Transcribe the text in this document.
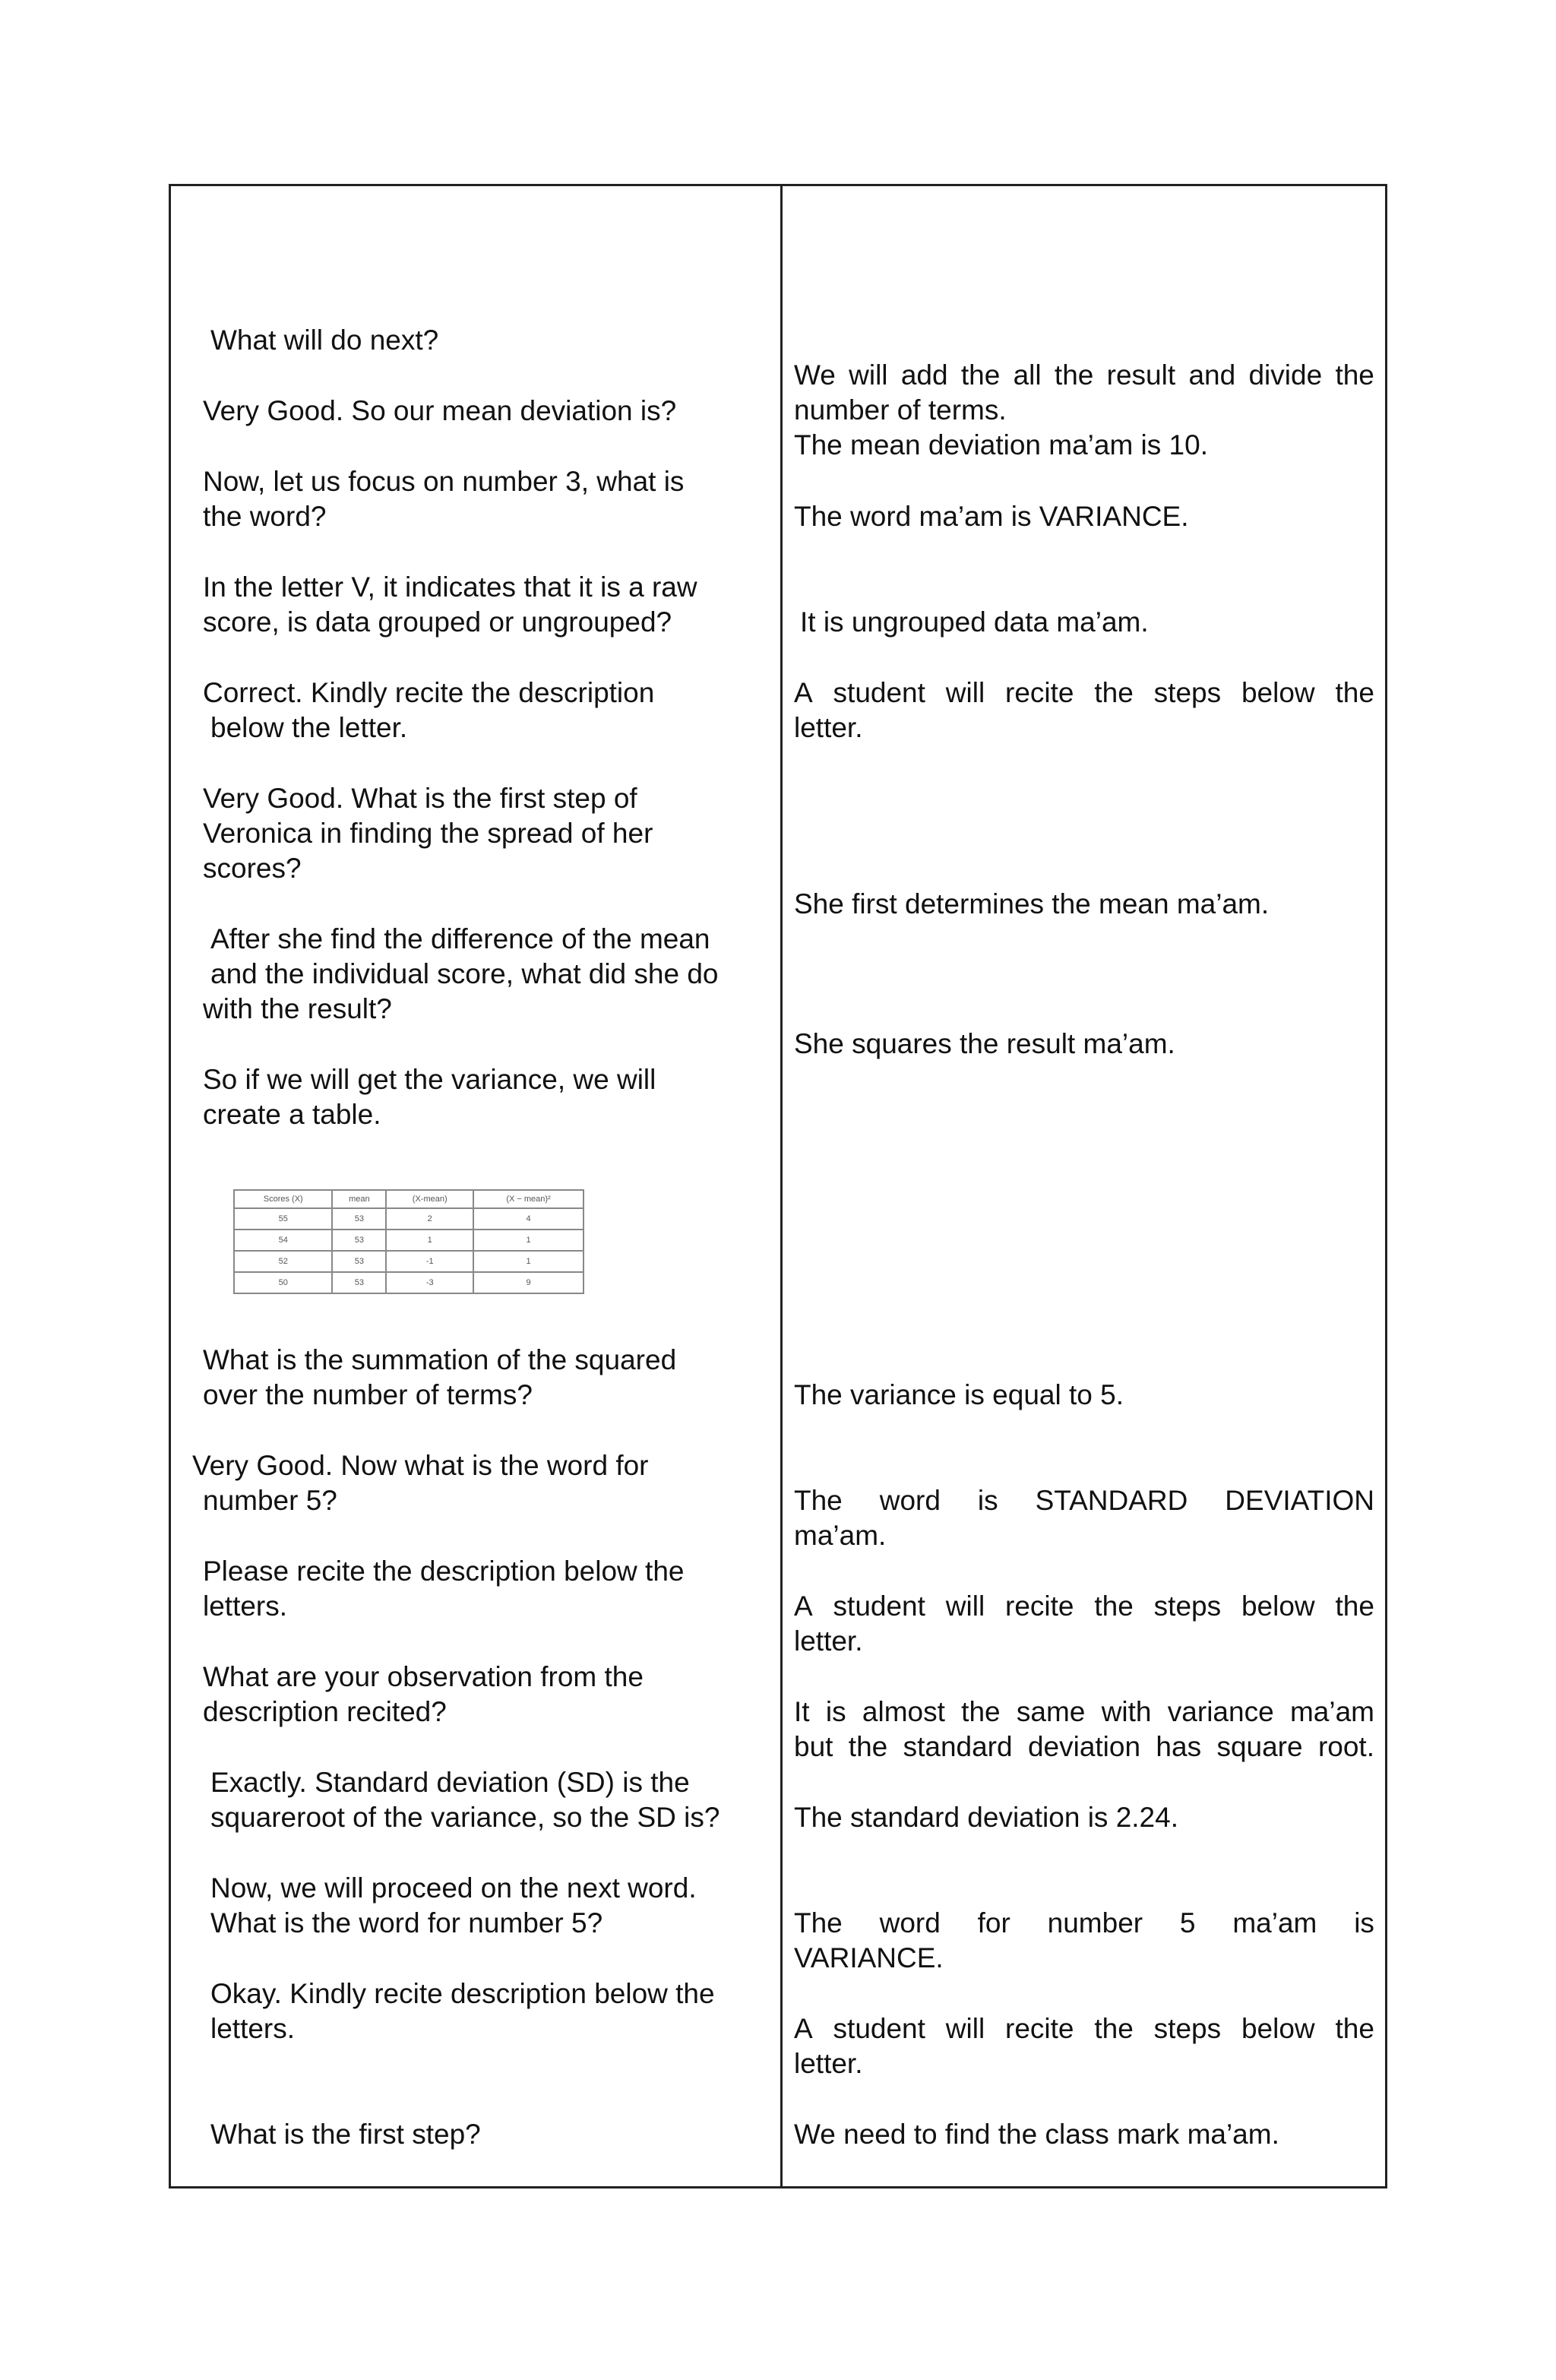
What will do next?
Very Good. So our mean deviation is?
Now, let us focus on number 3, what is
the word?
In the letter V, it indicates that it is a raw
score, is data grouped or ungrouped?
Correct. Kindly recite the description
below the letter.
Very Good. What is the first step of
Veronica in finding the spread of her
scores?
After she find the difference of the mean
and the individual score, what did she do
with the result?
So if we will get the variance, we will
create a table.
What is the summation of the squared
over the number of terms?
Very Good. Now what is the word for
number 5?
Please recite the description below the
letters.
What are your observation from the
description recited?
Exactly. Standard deviation (SD) is the
squareroot of the variance, so the SD is?
Now, we will proceed on the next word.
What is the word for number 5?
Okay. Kindly recite description below the
letters.
What is the first step?
We will add the all the result and divide the
number of terms.
The mean deviation ma’am is 10.
The word ma’am is VARIANCE.
It is ungrouped data ma’am.
A student will recite the steps below the
letter.
She first determines the mean ma’am.
She squares the result ma’am.
The variance is equal to 5.
The word is STANDARD DEVIATION
ma’am.
A student will recite the steps below the
letter.
It is almost the same with variance ma’am
but the standard deviation has square root.
The standard deviation is 2.24.
The word for number 5 ma’am is
VARIANCE.
A student will recite the steps below the
letter.
We need to find the class mark ma’am.
Scores (X)	mean	(X-mean)	(X − mean)²
55	53	2	4
54	53	1	1
52	53	-1	1
50	53	-3	9
